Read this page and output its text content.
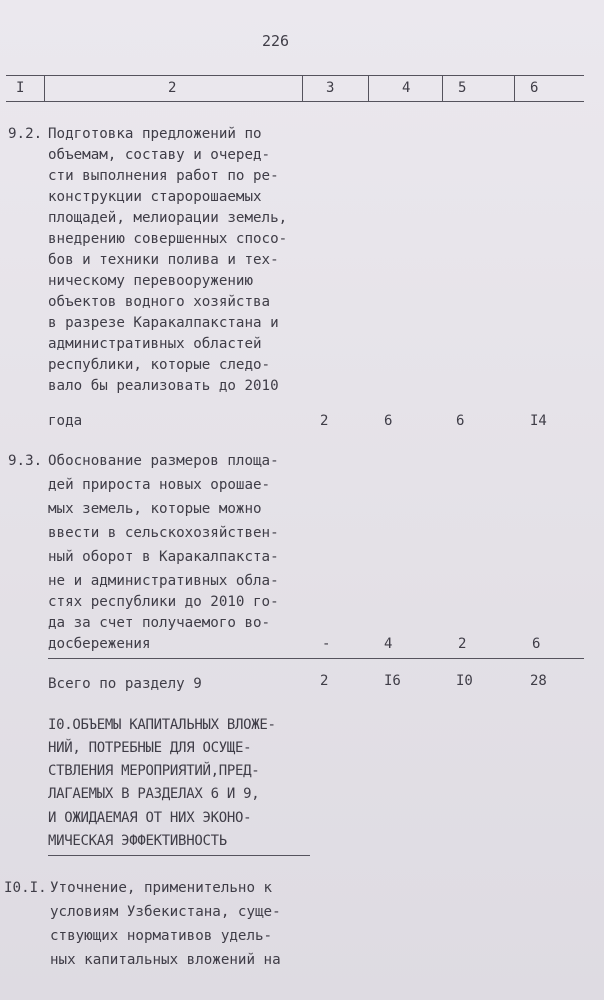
226
I	2	3	4	5	6
9.2. Подготовка предложений по
объемам, составу и очеред-
сти выполнения работ по ре-
конструкции старорошаемых
площадей, мелиорации земель,
внедрению совершенных спосо-
бов и техники полива и тех-
ническому перевооружению
объектов водного хозяйства
в разрезе Каракалпакстана и
административных областей
республики, которые следо-
вало бы реализовать до 2010
года	2	6	6	I4
9.3. Обоснование размеров площа-
дей прироста новых орошае-
мых земель, которые можно
ввести в сельскохозяйствен-
ный оборот в Каракалпакста-
не и административных обла-
стях республики до 2010 го-
да за счет получаемого во-
досбережения	-	4	2	6
Всего по разделу 9	2	I6	I0	28
I0.ОБЪЕМЫ КАПИТАЛЬНЫХ ВЛОЖЕ-
НИЙ, ПОТРЕБНЫЕ ДЛЯ ОСУЩЕ-
СТВЛЕНИЯ МЕРОПРИЯТИЙ,ПРЕД-
ЛАГАЕМЫХ В РАЗДЕЛАХ 6 И 9,
И ОЖИДАЕМАЯ ОТ НИХ ЭКОНО-
МИЧЕСКАЯ ЭФФЕКТИВНОСТЬ
I0.I. Уточнение, применительно к
условиям Узбекистана, суще-
ствующих нормативов удель-
ных капитальных вложений на
